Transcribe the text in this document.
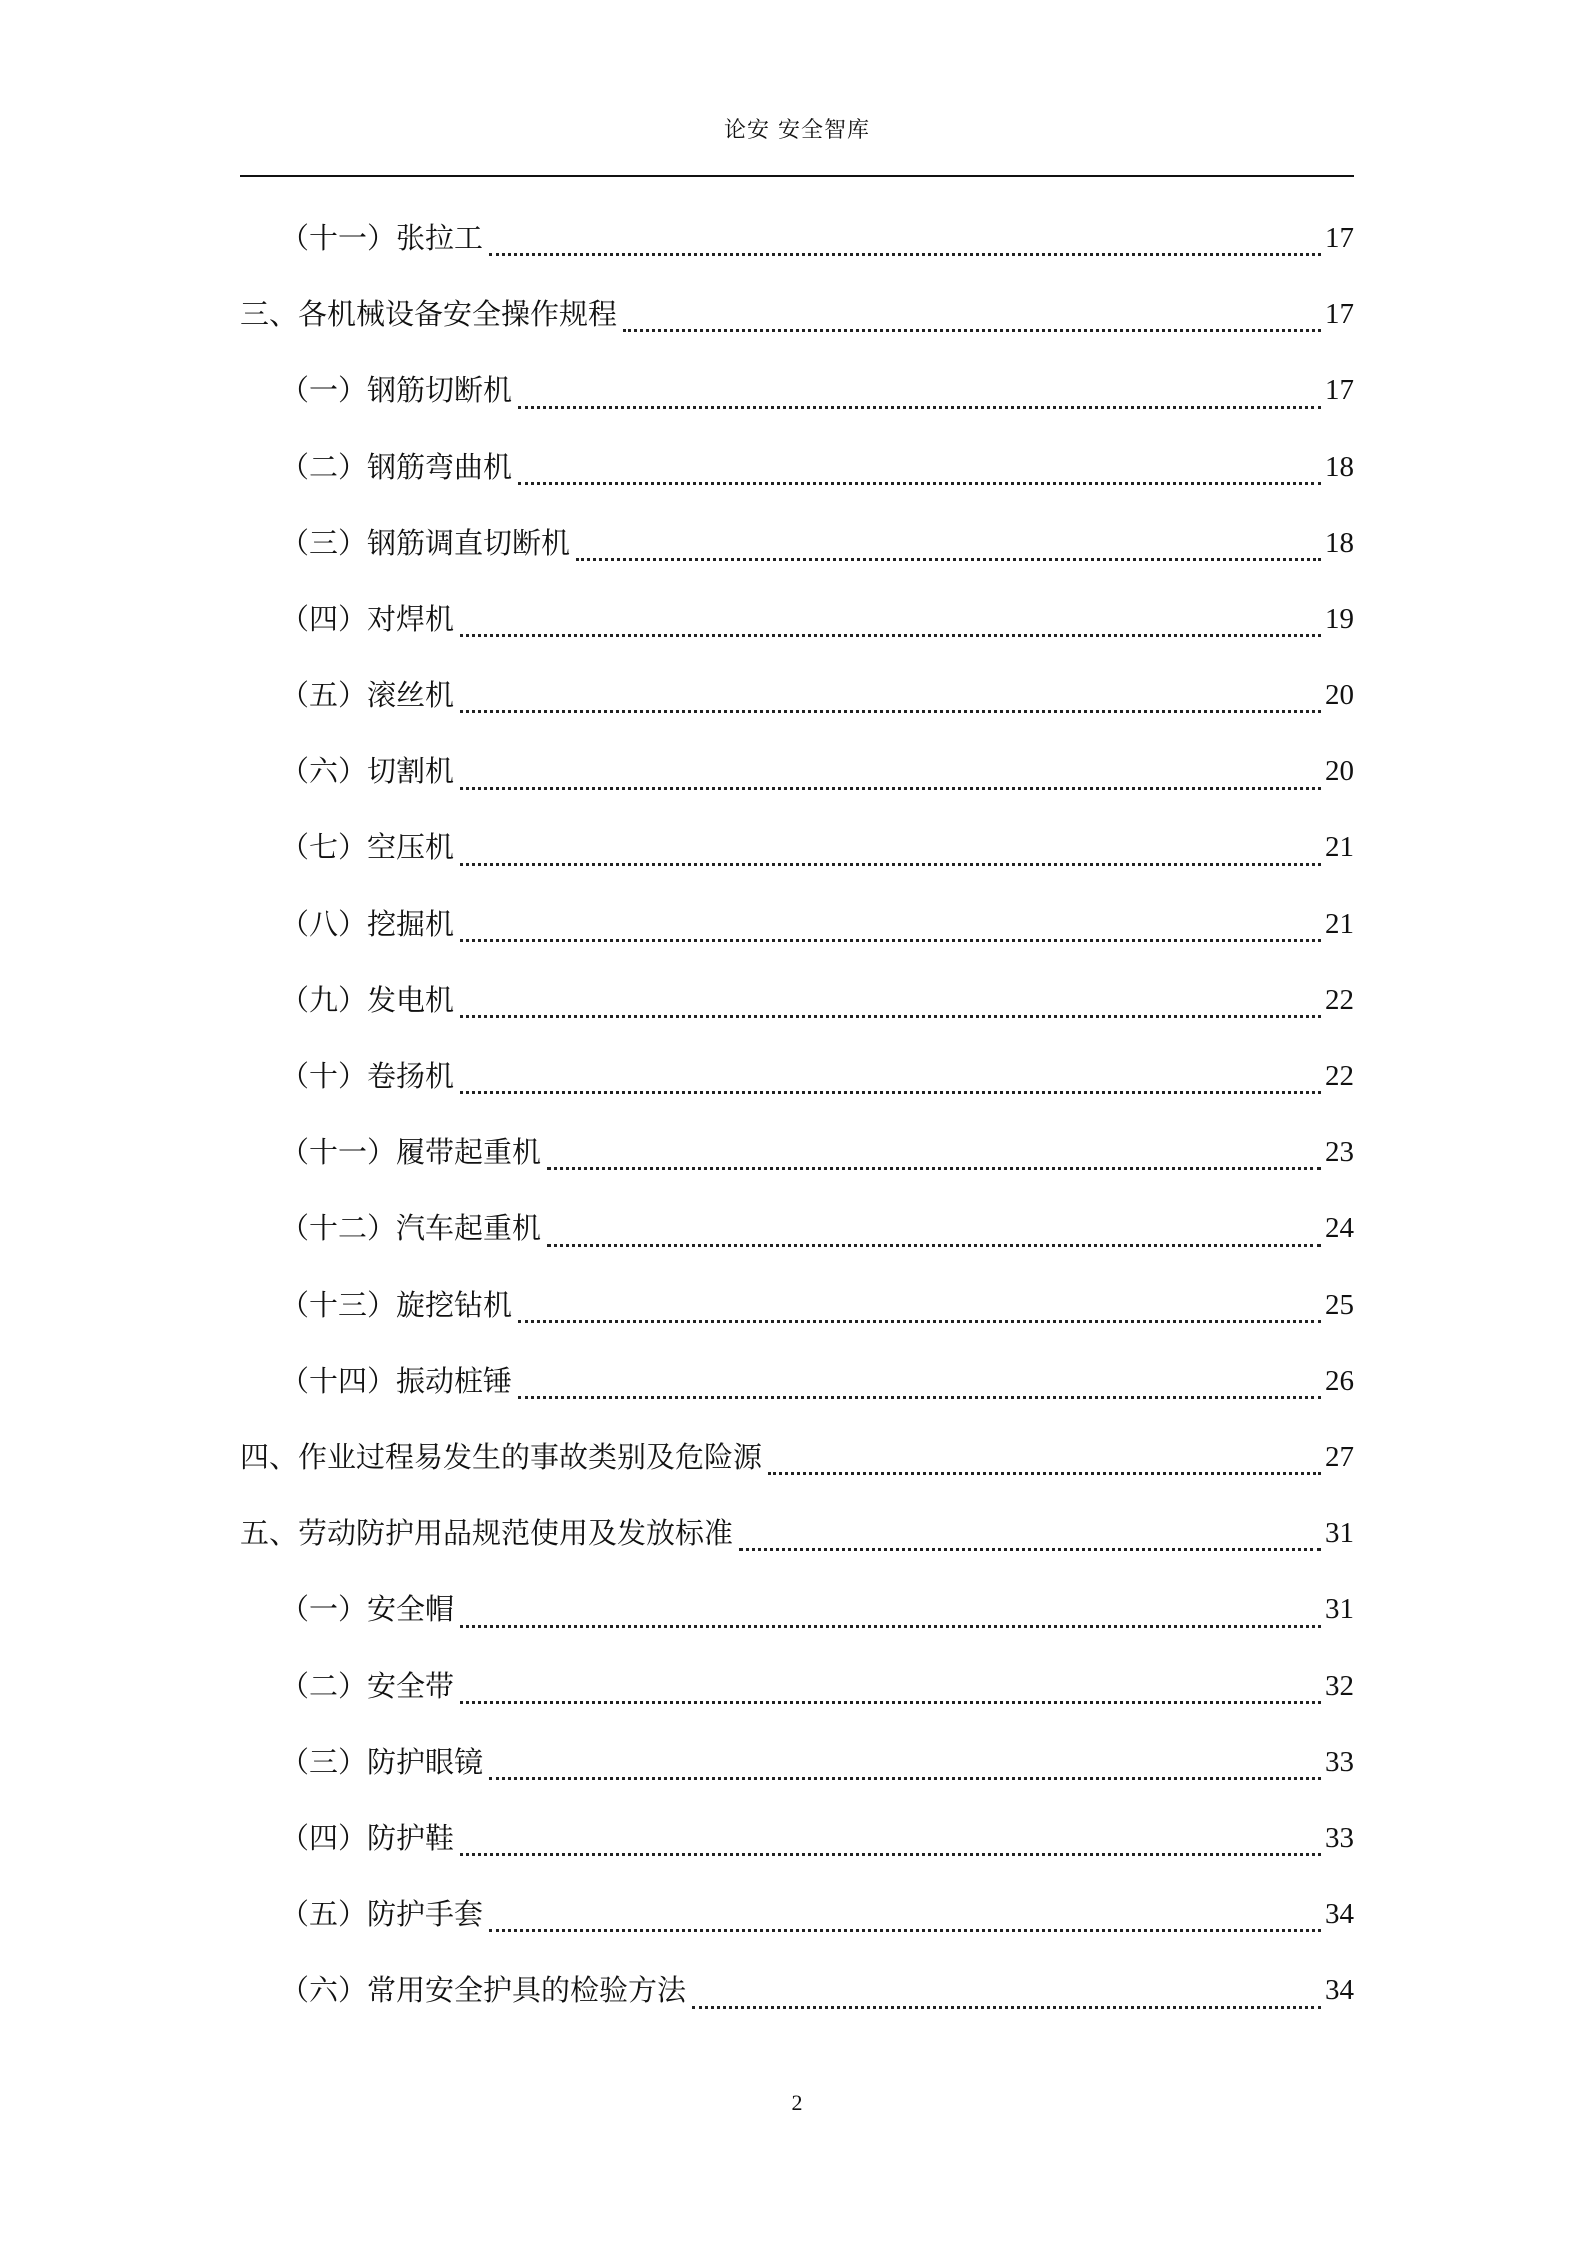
论安 安全智库
（十一）张拉工	17
三、各机械设备安全操作规程	17
（一）钢筋切断机	17
（二）钢筋弯曲机	18
（三）钢筋调直切断机	18
（四）对焊机	19
（五）滚丝机	20
（六）切割机	20
（七）空压机	21
（八）挖掘机	21
（九）发电机	22
（十）卷扬机	22
（十一）履带起重机	23
（十二）汽车起重机	24
（十三）旋挖钻机	25
（十四）振动桩锤	26
四、作业过程易发生的事故类别及危险源	27
五、劳动防护用品规范使用及发放标准	31
（一）安全帽	31
（二）安全带	32
（三）防护眼镜	33
（四）防护鞋	33
（五）防护手套	34
（六）常用安全护具的检验方法	34
2
